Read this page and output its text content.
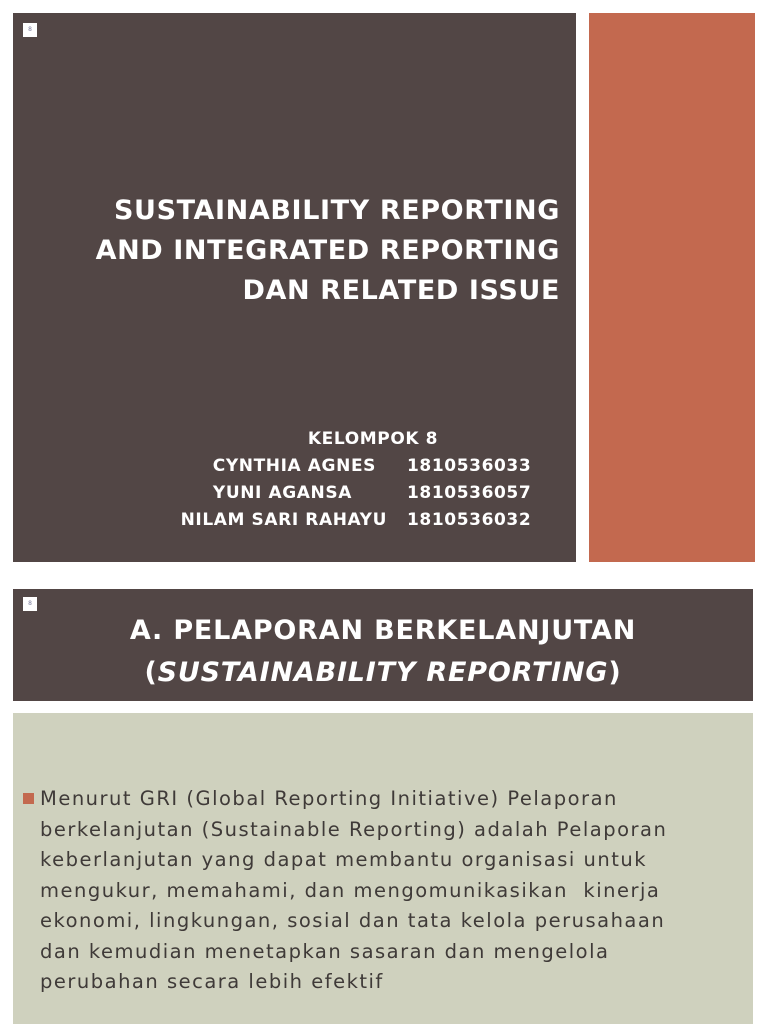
8
SUSTAINABILITY REPORTING
AND INTEGRATED REPORTING
DAN RELATED ISSUE
KELOMPOK 8
CYNTHIA AGNES 1810536033
YUNI AGANSA	1810536057
NILAM SARI RAHAYU 1810536032
8
A. PELAPORAN BERKELANJUTAN
(SUSTAINABILITY REPORTING)

Menurut GRI (Global Reporting Initiative) Pelaporan
berkelanjutan (Sustainable Reporting) adalah Pelaporan
keberlanjutan yang dapat membantu organisasi untuk
mengukur, memahami, dan mengomunikasikan  kinerja
ekonomi, lingkungan, sosial dan tata kelola perusahaan
dan kemudian menetapkan sasaran dan mengelola
perubahan secara lebih efektif
